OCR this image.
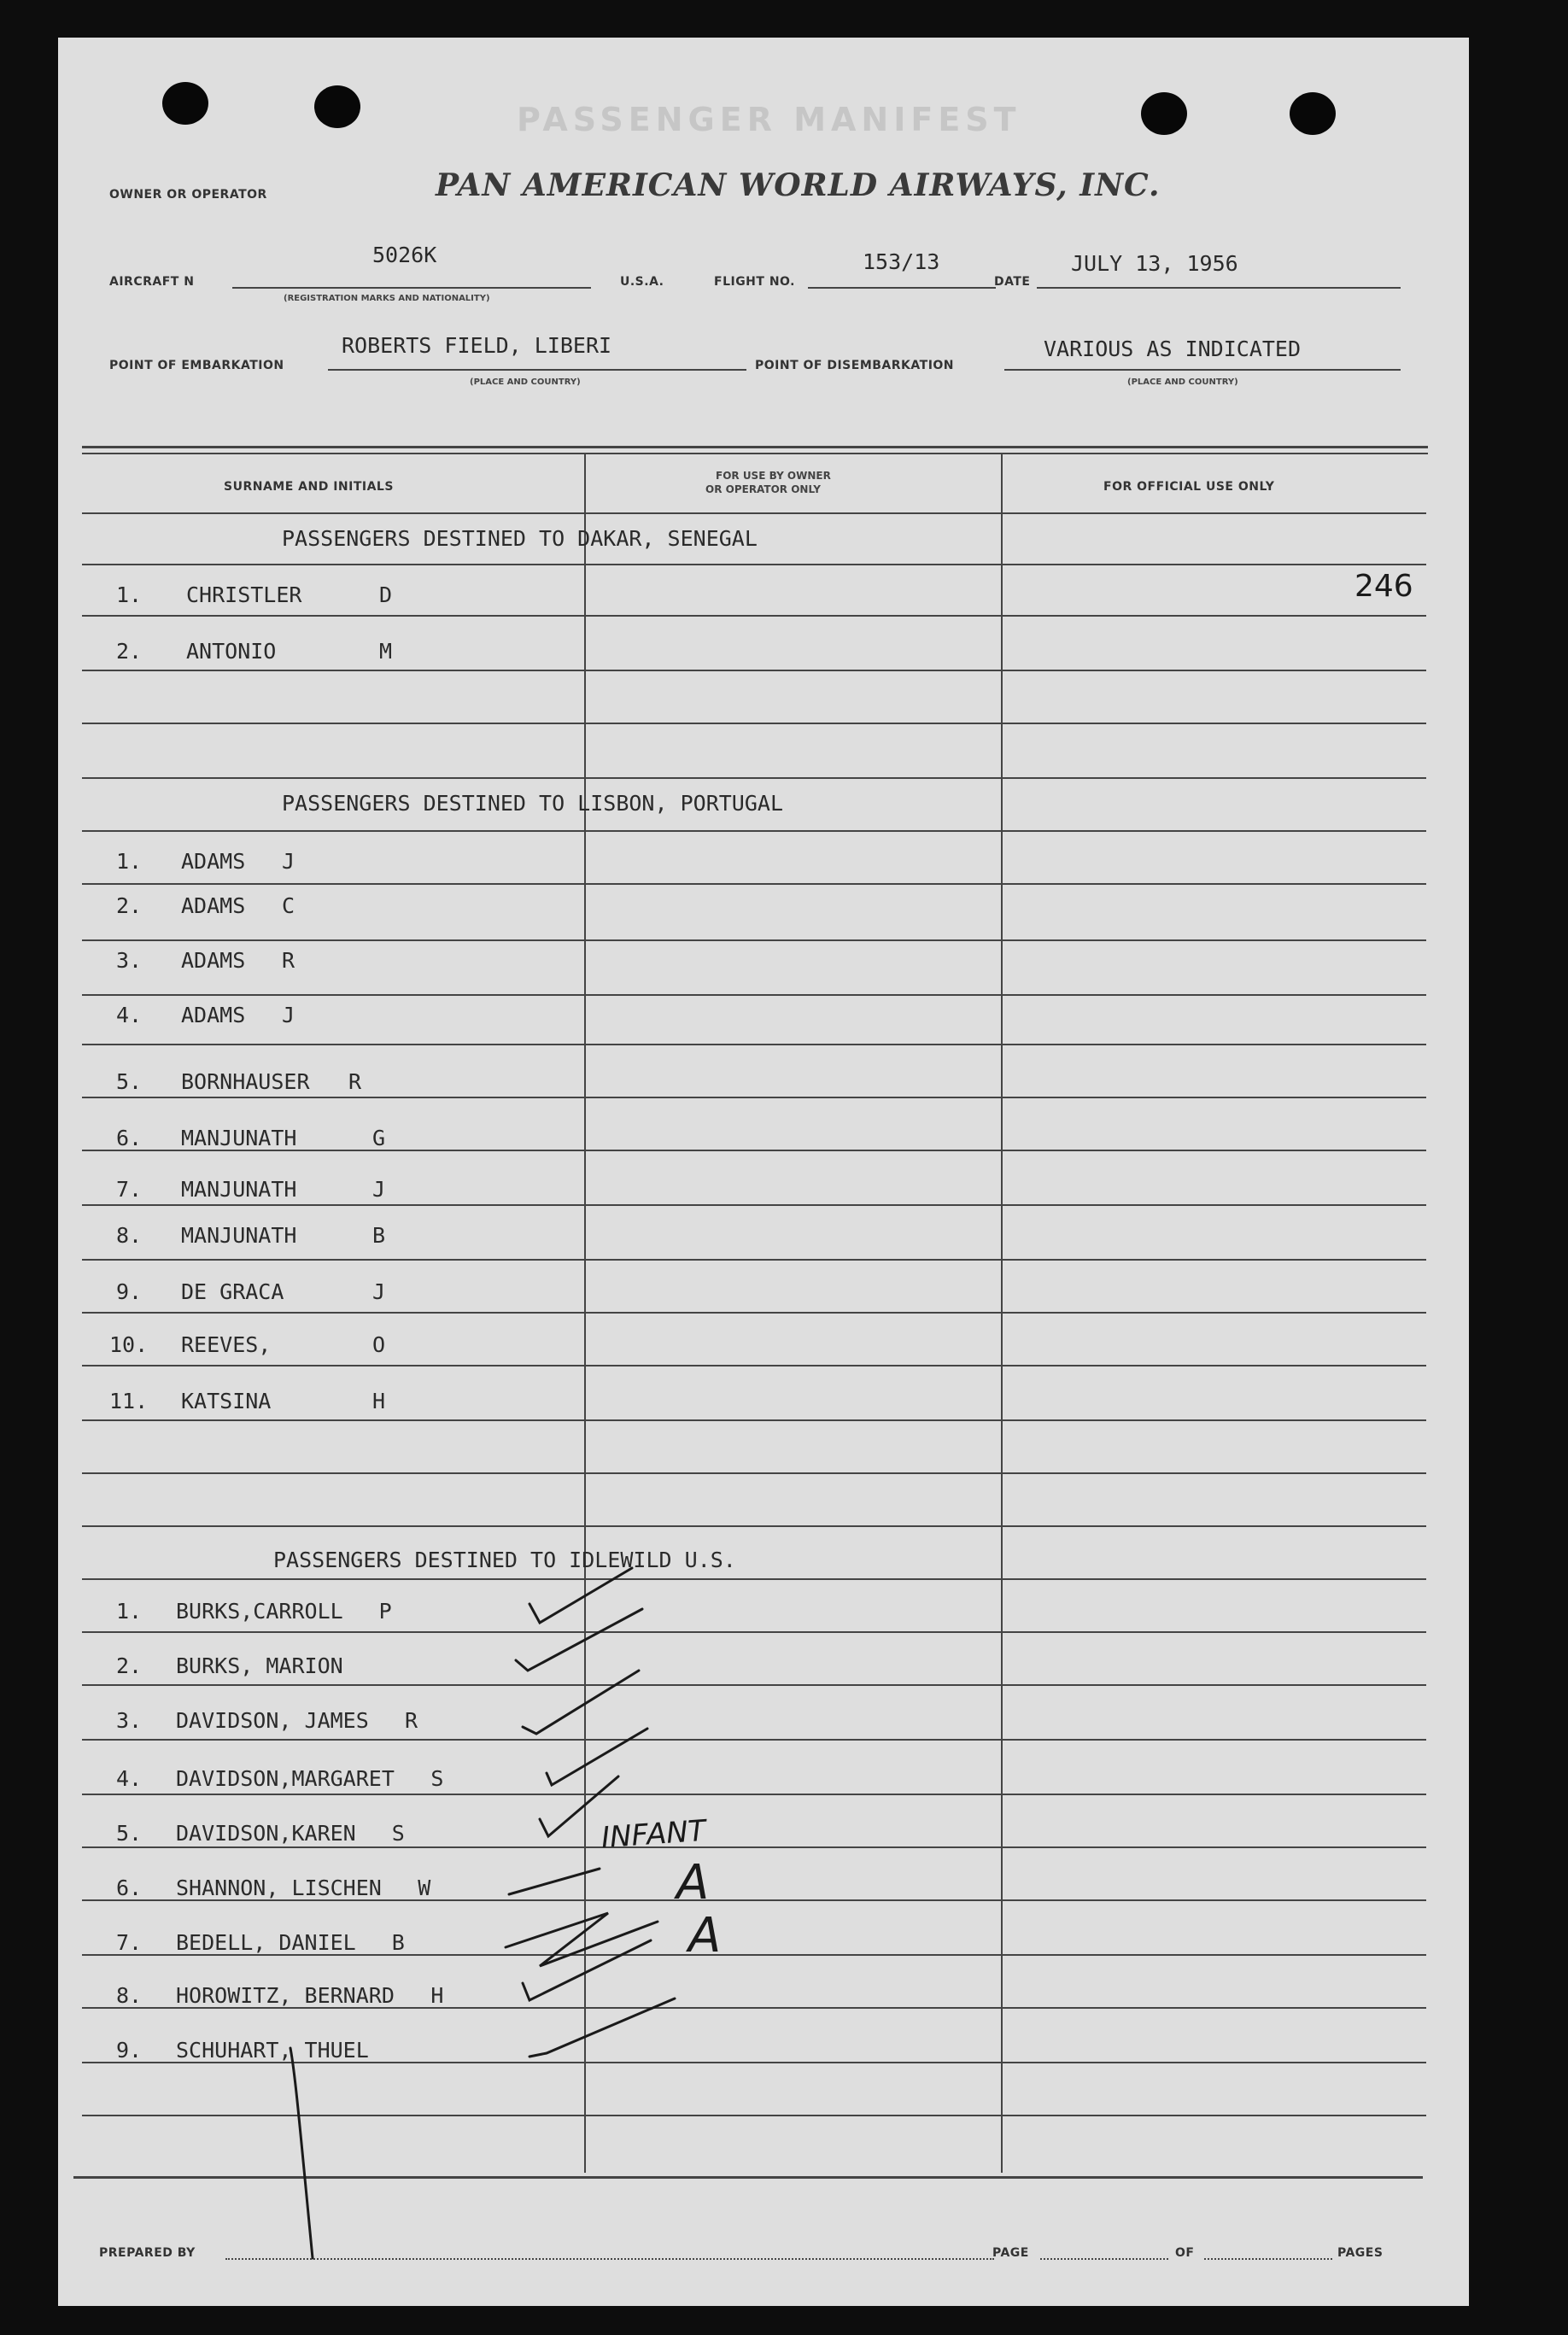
PASSENGER MANIFEST
OWNER OR OPERATOR	PAN AMERICAN WORLD AIRWAYS, INC.
AIRCRAFT N
5026K
(REGISTRATION MARKS AND NATIONALITY)
U.S.A.	FLIGHT NO.
153/13
DATE
JULY 13, 1956
POINT OF EMBARKATION
ROBERTS FIELD, LIBERI
(PLACE AND COUNTRY)
POINT OF DISEMBARKATION
VARIOUS AS INDICATED
(PLACE AND COUNTRY)
SURNAME AND INITIALS
FOR USE BY OWNER
OR OPERATOR ONLY	FOR OFFICIAL USE ONLY
PASSENGERS DESTINED TO DAKAR, SENEGAL
1. CHRISTLER	D
2. ANTONIO	M
PASSENGERS DESTINED TO LISBON, PORTUGAL
1. ADAMS J
2. ADAMS C
3. ADAMS R
4. ADAMS J
5. BORNHAUSER R
6. MANJUNATH	G
7. MANJUNATH	J
8. MANJUNATH	B
9. DE GRACA	J
10. REEVES,	O
11. KATSINA	H
PASSENGERS DESTINED TO IDLEWILD U.S.
1. BURKS,CARROLL P
2. BURKS, MARION
3. DAVIDSON, JAMES R
4. DAVIDSON,MARGARET S
5. DAVIDSON,KAREN S
6. SHANNON, LISCHEN W
7. BEDELL, DANIEL B
8. HOROWITZ, BERNARD H
9. SCHUHART, THUEL
246
INFANT
A
A
PREPARED BY	PAGE	OF	PAGES
